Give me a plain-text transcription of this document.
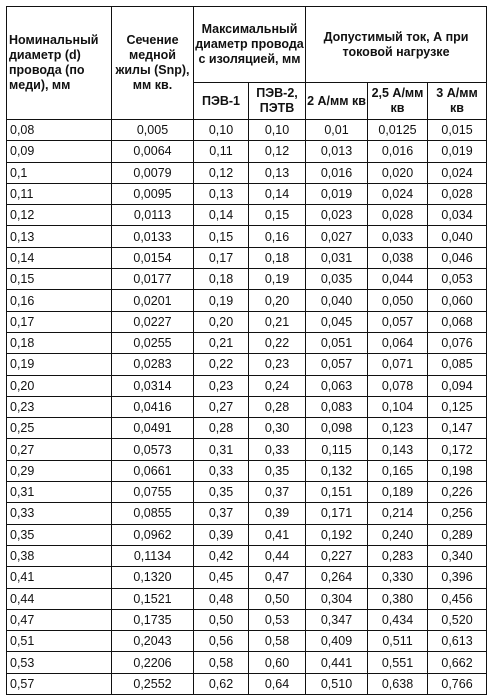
Номинальный диаметр (d) провода (по меди), мм	Сечение медной жилы (Snp), мм кв.	Максимальный диаметр провода с изоляцией, мм		Допустимый ток, А при токовой нагрузке		
		ПЭВ-1	ПЭВ-2, ПЭТВ	2 А/мм кв	2,5 А/мм кв	3 А/мм кв
0,08	0,005	0,10	0,10	0,01	0,0125	0,015
0,09	0,0064	0,11	0,12	0,013	0,016	0,019
0,1	0,0079	0,12	0,13	0,016	0,020	0,024
0,11	0,0095	0,13	0,14	0,019	0,024	0,028
0,12	0,0113	0,14	0,15	0,023	0,028	0,034
0,13	0,0133	0,15	0,16	0,027	0,033	0,040
0,14	0,0154	0,17	0,18	0,031	0,038	0,046
0,15	0,0177	0,18	0,19	0,035	0,044	0,053
0,16	0,0201	0,19	0,20	0,040	0,050	0,060
0,17	0,0227	0,20	0,21	0,045	0,057	0,068
0,18	0,0255	0,21	0,22	0,051	0,064	0,076
0,19	0,0283	0,22	0,23	0,057	0,071	0,085
0,20	0,0314	0,23	0,24	0,063	0,078	0,094
0,23	0,0416	0,27	0,28	0,083	0,104	0,125
0,25	0,0491	0,28	0,30	0,098	0,123	0,147
0,27	0,0573	0,31	0,33	0,115	0,143	0,172
0,29	0,0661	0,33	0,35	0,132	0,165	0,198
0,31	0,0755	0,35	0,37	0,151	0,189	0,226
0,33	0,0855	0,37	0,39	0,171	0,214	0,256
0,35	0,0962	0,39	0,41	0,192	0,240	0,289
0,38	0,1134	0,42	0,44	0,227	0,283	0,340
0,41	0,1320	0,45	0,47	0,264	0,330	0,396
0,44	0,1521	0,48	0,50	0,304	0,380	0,456
0,47	0,1735	0,50	0,53	0,347	0,434	0,520
0,51	0,2043	0,56	0,58	0,409	0,511	0,613
0,53	0,2206	0,58	0,60	0,441	0,551	0,662
0,57	0,2552	0,62	0,64	0,510	0,638	0,766
